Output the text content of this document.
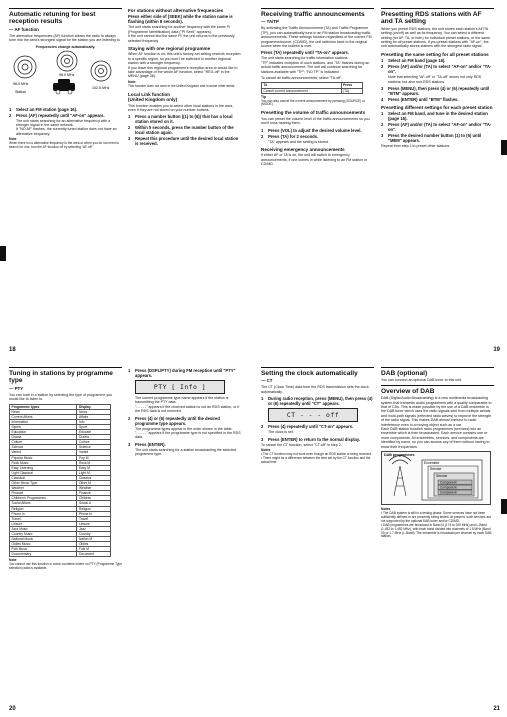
Automatic retuning for best reception results
— AF function

The alternative frequencies (AF) function allows the radio to always tune into the area's strongest signal for the station you are listening to.

Frequencies change automatically.
98.5 MHz
96.0 MHz
102.5 MHz
Station
1	Select an FM station (page 16).
2	Press (AF) repeatedly until "AF-on" appears.

The unit starts searching for an alternative frequency with a stronger signal in the same network.
If "NO AF" flashes, the currently tuned station does not have an alternative frequency.

Note
When there is no alternative frequency in the area or when you do not need to search for one, turn the AF function off by selecting "AF-off".
For stations without alternative frequencies
Press either side of (SEEK) while the station name is flashing (within 8 seconds).

The unit starts searching for another frequency with the same PI (Programme Identification) data ("PI Seek" appears).
If the unit cannot find the same PI, the unit returns to the previously selected frequency.

Staying with one regional programme

When AF function is on: this unit's factory-set setting restricts reception to a specific region, so you won't be switched to another regional station with a stronger frequency.
If you leave this regional programme's reception area or would like to take advantage of the whole AF function, select "REG-off" in the MENU (page 36).

Note
This function does not work in the United Kingdom and in some other areas.
Local Link function
(United Kingdom only)

This function enables you to select other local stations in the area, even if they are not stored on your number buttons.

1	Press a number button ((1) to (6)) that has a local station stored on it.
2	Within 5 seconds, press the number button of the local station again.
3	Repeat this procedure until the desired local station is received.
18
Receiving traffic announcements
— TA/TP

By activating the Traffic Announcement (TA) and Traffic Programme (TP), you can automatically tune in an FM station broadcasting traffic announcements. These settings function regardless of the current FM programme/source, (CD/MD); the unit switches back to the original source when the bulletin is over.

Press (TA) repeatedly until "TA-on" appears.

The unit starts searching for traffic information stations.
"TP" indicates reception of such stations, and "TA" flashes during an actual traffic announcement. The unit will continue searching for stations available with "TP"; "NO TP" is indicated.

To cancel all traffic announcements, select "TA-off".

To	Press
Cancel current announcement	(TA)
Tip
You can also cancel the current announcement by pressing (SOURCE) or (MODE).
Presetting the volume of traffic announcements

You can preset the volume level of the traffic announcements so you won't miss hearing them.

1	Press (VOL) to adjust the desired volume level.
2	Press (TA) for 2 seconds.

"TA" appears and the setting is stored.

Receiving emergency announcements

If either AF or TA is on, the unit will switch to emergency announcements, if one comes in while listening to an FM station or CD/MD.

Presetting RDS stations with AF and TA setting

When you preset RDS stations, the unit stores each station's AF/TA setting (on/off) as well as its frequency. You can select a different setting (for AF, TA, or both) for individual preset stations, or the same setting for all preset stations. If you preset stations with "AF-on", the unit automatically stores stations with the strongest radio signal.

Presetting the same setting for all preset stations
1	Select an FM band (page 16).
2	Press (AF) and/or (TA) to select "AF-on" and/or "TA-on".

Note that selecting "AF-off" or "TA-off" stores not only RDS stations, but also non-RDS stations.

3	Press (MENU), then press (4) or (6) repeatedly until "BTM" appears.
4	Press (ENTER) until "BTM" flashes.
Presetting different settings for each preset station
1	Select an FM band, and tune in the desired station (page 16).
2	Press (AF) and/or (TA) to select "AF-on" and/or "TA-on".
3	Press the desired number button (1) to (6) until "MEM" appears.

Repeat from step 1 to preset other stations.

19
Tuning in stations by programme type
— PTY

You can tune in a station by selecting the type of programme you would like to listen to.

Programme types	Display
News	News
Current Affairs	Affairs
Information	Info
Sports	Sport
Education	Educate
Drama	Drama
Culture	Culture
Science	Science
Varied	Varied
Popular Music	Pop M
Rock Music	Rock M
Easy Listening	Easy M
Light Classical	Light M
Classical	Classics
Other Music Type	Other M
Weather	Weather
Finance	Finance
Children's Programmes	Children
Social Affairs	Social A
Religion	Religion
Phone In	Phone In
Travel	Travel
Leisure	Leisure
Jazz Music	Jazz
Country Music	Country
National Music	Nation M
Oldies Music	Oldies
Folk Music	Folk M
Documentary	Document
Note
You cannot use this function in some countries where no PTY (Programme Type selection) data is available.
1	Press (DSPL/PTY) during FM reception until "PTY" appears.
PTY [ Info ]

The current programme type name appears if the station is transmitting the PTY data.
"- - - - -" appears if the received station is not an RDS station, or if the RDS data is not received.

2	Press (4) or (6) repeatedly until the desired programme type appears.

The programme types appear in the order shown in the table.
"- - - - -" appears if the programme type is not specified in the RDS data.

3	Press (ENTER).

The unit starts searching for a station broadcasting the selected programme type.

20
Setting the clock automatically
— CT

The CT (Clock Time) data from the RDS transmission sets the clock automatically.

1	During radio reception, press (MENU), then press (4) or (6) repeatedly until "CT" appears.
CT - - - off
2	Press (4) repeatedly until "CT-on" appears.

The clock is set.

3	Press (ENTER) to return to the normal display.

To cancel the CT function, select "CT-off" in step 2.

Notes
• The CT function may not work even though an RDS station is being received.
• There might be a difference between the time set by the CT function and the actual time.
DAB (optional)

You can connect an optional DAB tuner to this unit.

Overview of DAB

DAB (Digital Audio Broadcasting) is a new multimedia broadcasting system that transmits audio programmes with a quality comparable to that of CDs. This is made possible by the use of a DAB ensemble in the DAB tuner which uses the radio signals sent from multiple aerials and multi-path signals (reflected radio waves) to improve the strength of the radio signal. This makes DAB almost immune to radio interference even in a moving object such as a car.
Each DAB station bundles radio programmes (services) into an ensemble which is then broadcasted. Each service contains one or more components. All ensembles, services, and components are identified by name, so you can access any of them without having to know their frequencies.

DAB programmes
Ensemble
Service
Service
Component
Component
Component
Notes
• The DAB system is still in a testing phase. Some services have not been sufficiently defined or are presently being tested. At present, such services are not supported by the optional DAB tuner and/or CD/MD.
• DAB programmes are broadcast in Band III (174 to 240 MHz) and L-Band (1,452 to 1,492 MHz), with each band divided into channels of 1.5 MHz (Band III) or 1.7 MHz (L-Band). The ensemble is broadcast per channel by each DAB station.
21
